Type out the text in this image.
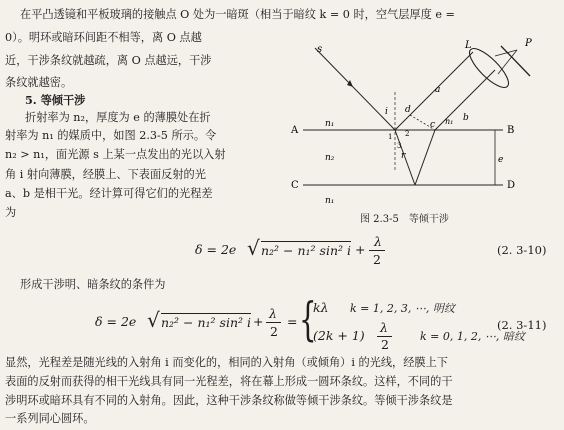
在平凸透镜和平板玻璃的接触点 O 处为一暗斑（相当于暗纹 k = 0 时，空气层厚度 e =
0）。明环或暗环间距不相等，离 O 点越
近，干涉条纹就越疏，离 O 点越远，干涉
条纹就越密。
5. 等倾干涉
折射率为 n₂，厚度为 e 的薄膜处在折
射率为 n₁ 的媒质中，如图 2.3-5 所示。令
n₂ > n₁，面光源 s 上某一点发出的光以入射
角 i 射向薄膜，经膜上、下表面反射的光
a、b 是相干光。经计算可得它们的光程差
为
A	B
C	D
n₁
n₂
n₁
s	L	P
a
b
i
r
d
c
e
n₁
1 2
3
图 2.3-5　等倾干涉
δ = 2e √ n₂² − n₁² sin² i +
λ
2
(2. 3-10)
形成干涉明、暗条纹的条件为
δ = 2e √ n₂² − n₁² sin² i +
λ
2
= {
kλ k = 1, 2, 3, ⋯, 明纹
(2k + 1)
λ
2
k = 0, 1, 2, ⋯, 暗纹
(2. 3-11)
显然，光程差是随光线的入射角 i 而变化的，相同的入射角（或倾角）i 的光线，经膜上下
表面的反射而获得的相干光线具有同一光程差，将在幕上形成一圆环条纹。这样，不同的干
涉明环或暗环具有不同的入射角。因此，这种干涉条纹称做等倾干涉条纹。等倾干涉条纹是
一系列同心圆环。
